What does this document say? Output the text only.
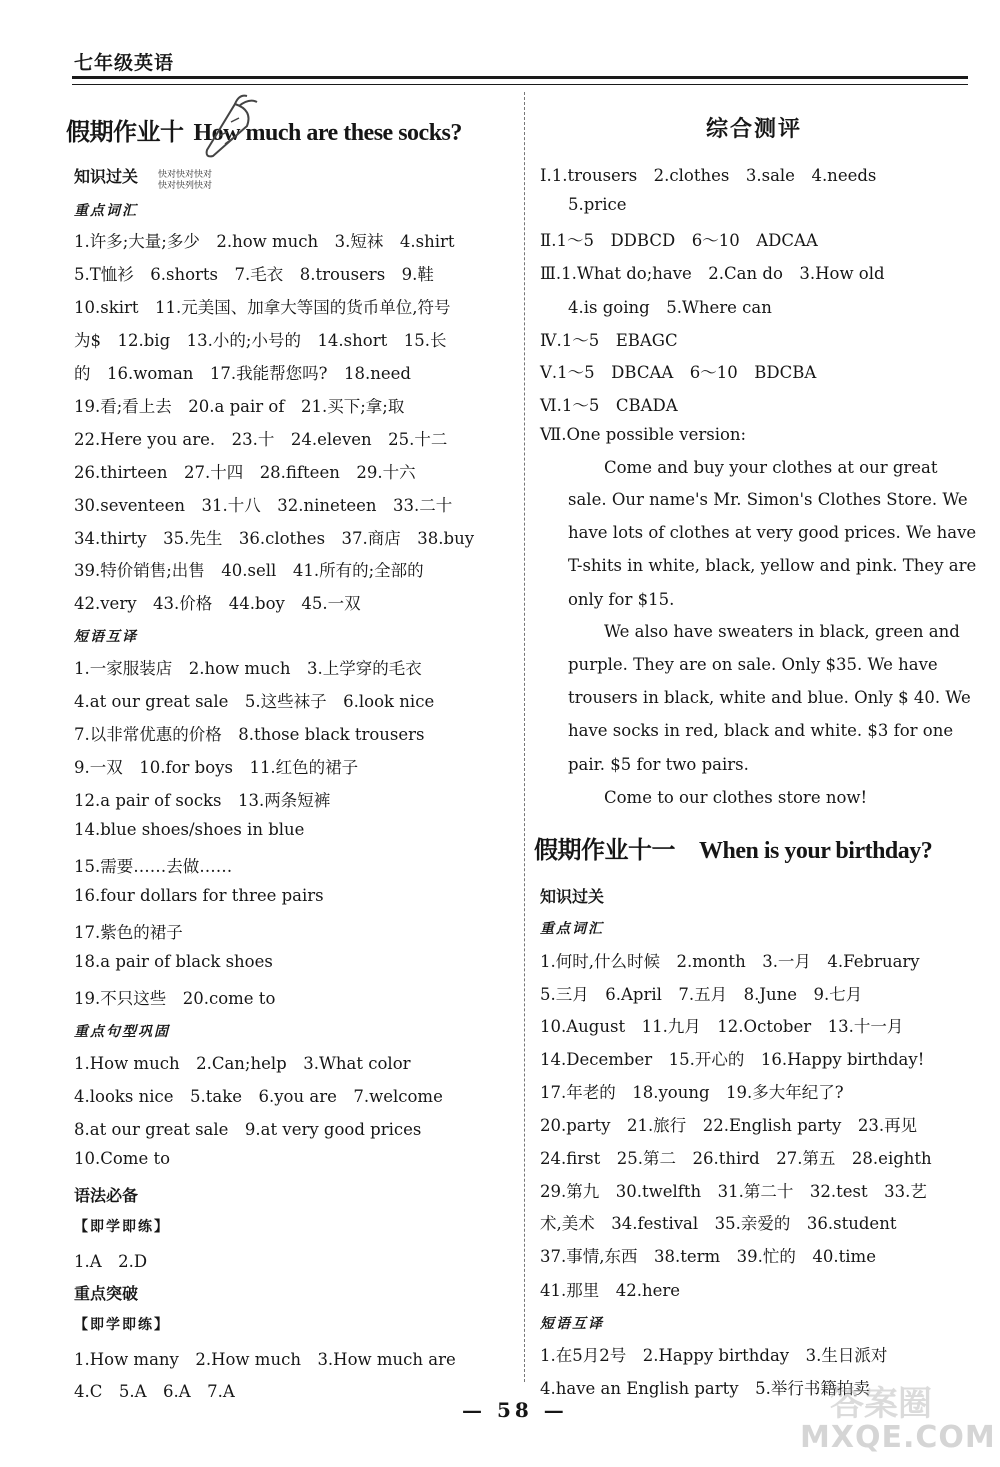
七年级英语
假期作业十 How much are these socks?
知识过关 快对快对快对
快对快列快对
重点词汇
1.许多;大量;多少　2.how much　3.短袜　4.shirt
5.T恤衫　6.shorts　7.毛衣　8.trousers　9.鞋
10.skirt　11.元美国、加拿大等国的货币单位,符号
为$　12.big　13.小的;小号的　14.short　15.长
的　16.woman　17.我能帮您吗?　18.need
19.看;看上去　20.a pair of　21.买下;拿;取
22.Here you are.　23.十　24.eleven　25.十二
26.thirteen　27.十四　28.fifteen　29.十六
30.seventeen　31.十八　32.nineteen　33.二十
34.thirty　35.先生　36.clothes　37.商店　38.buy
39.特价销售;出售　40.sell　41.所有的;全部的
42.very　43.价格　44.boy　45.一双
短语互译
1.一家服装店　2.how much　3.上学穿的毛衣
4.at our great sale　5.这些袜子　6.look nice
7.以非常优惠的价格　8.those black trousers
9.一双　10.for boys　11.红色的裙子
12.a pair of socks　13.两条短裤
14.blue shoes/shoes in blue
15.需要……去做……
16.four dollars for three pairs
17.紫色的裙子
18.a pair of black shoes
19.不只这些　20.come to
重点句型巩固
1.How much　2.Can;help　3.What color
4.looks nice　5.take　6.you are　7.welcome
8.at our great sale　9.at very good prices
10.Come to
语法必备
【即学即练】
1.A　2.D
重点突破
【即学即练】
1.How many　2.How much　3.How much are
4.C　5.A　6.A　7.A
综合测评
Ⅰ.1.trousers　2.clothes　3.sale　4.needs
5.price
Ⅱ.1～5　DDBCD　6～10　ADCAA
Ⅲ.1.What do;have　2.Can do　3.How old
4.is going　5.Where can
Ⅳ.1～5　EBAGC
Ⅴ.1～5　DBCAA　6～10　BDCBA
Ⅵ.1～5　CBADA
Ⅶ.One possible version:
Come and buy your clothes at our great
sale. Our name's Mr. Simon's Clothes Store. We
have lots of clothes at very good prices. We have
T-shits in white, black, yellow and pink. They are
only for $15.
We also have sweaters in black, green and
purple. They are on sale. Only $35. We have
trousers in black, white and blue. Only $ 40. We
have socks in red, black and white. $3 for one
pair. $5 for two pairs.
Come to our clothes store now!
假期作业十一 When is your birthday?
知识过关
重点词汇
1.何时,什么时候　2.month　3.一月　4.February
5.三月　6.April　7.五月　8.June　9.七月
10.August　11.九月　12.October　13.十一月
14.December　15.开心的　16.Happy birthday!
17.年老的　18.young　19.多大年纪了?
20.party　21.旅行　22.English party　23.再见
24.first　25.第二　26.third　27.第五　28.eighth
29.第九　30.twelfth　31.第二十　32.test　33.艺
术,美术　34.festival　35.亲爱的　36.student
37.事情,东西　38.term　39.忙的　40.time
41.那里　42.here
短语互译
1.在5月2号　2.Happy birthday　3.生日派对
4.have an English party　5.举行书籍拍卖
— 58 —	答案圈
MXQE.COM
